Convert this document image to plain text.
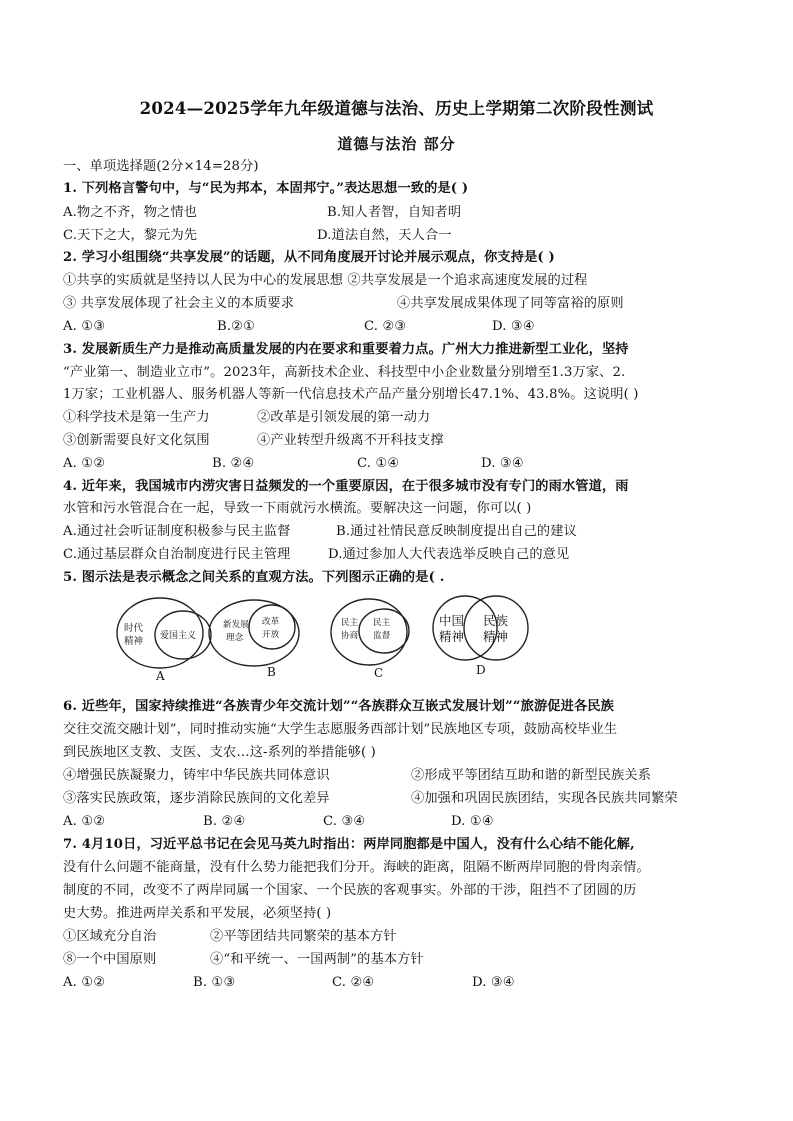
2024—2025学年九年级道德与法治、历史上学期第二次阶段性测试
道德与法治 部分
一、单项选择题(2分×14=28分)
1. 下列格言警句中，与“民为邦本，本固邦宁。”表达思想一致的是( )
A.物之不齐，物之情也	B.知人者智，自知者明
C.天下之大，黎元为先	D.道法自然，天人合一
2. 学习小组围绕“共享发展”的话题，从不同角度展开讨论并展示观点，你支持是( )
①共享的实质就是坚持以人民为中心的发展思想 ②共享发展是一个追求高速度发展的过程
③ 共享发展体现了社会主义的本质要求	④共享发展成果体现了同等富裕的原则
A. ①③	B.②①	C. ②③	D. ③④
3. 发展新质生产力是推动高质量发展的内在要求和重要着力点。广州大力推进新型工业化，坚持
“产业第一、制造业立市”。2023年，高新技术企业、科技型中小企业数量分别增至1.3万家、2.
1万家；工业机器人、服务机器人等新一代信息技术产品产量分别增长47.1%、43.8%。这说明( )
①科学技术是第一生产力	②改革是引领发展的第一动力
③创新需要良好文化氛围	④产业转型升级离不开科技支撑
A. ①②	B. ②④	C. ①④	D. ③④
4. 近年来，我国城市内涝灾害日益频发的一个重要原因，在于很多城市没有专门的雨水管道，雨
水管和污水管混合在一起，导致一下雨就污水横流。要解决这一问题，你可以( )
A.通过社会听证制度积极参与民主监督	B.通过社情民意反映制度提出自己的建议
C.通过基层群众自治制度进行民主管理	D.通过参加人大代表选举反映自己的意见
5. 图示法是表示概念之间关系的直观方法。下列图示正确的是( .
时代
精神 爱国主义
新发展
理念
改革
开放
民主
协商
民主
监督
中国
精神
民族
精神
A	B	C	D
6. 近些年，国家持续推进“各族青少年交流计划”“各族群众互嵌式发展计划”“旅游促进各民族
交往交流交融计划”，同时推动实施“大学生志愿服务西部计划”民族地区专项，鼓励高校毕业生
到民族地区支教、支医、支农…这-系列的举措能够( )
④增强民族凝聚力，铸牢中华民族共同体意识	②形成平等团结互助和谐的新型民族关系
③落实民族政策，逐步消除民族间的文化差异	④加强和巩固民族团结，实现各民族共同繁荣
A. ①②	B. ②④	C. ③④	D. ①④
7. 4月10日，习近平总书记在会见马英九时指出：两岸同胞都是中国人，没有什么心结不能化解,
没有什么问题不能商量，没有什么势力能把我们分开。海峡的距离，阻隔不断两岸同胞的骨肉亲情。
制度的不同，改变不了两岸同属一个国家、一个民族的客观事实。外部的干涉，阻挡不了团圆的历
史大势。推进两岸关系和平发展，必须坚持( )
①区域充分自治	②平等团结共同繁荣的基本方针
⑧一个中国原则	④“和平统一、一国两制”的基本方针
A. ①②	B. ①③	C. ②④	D. ③④
